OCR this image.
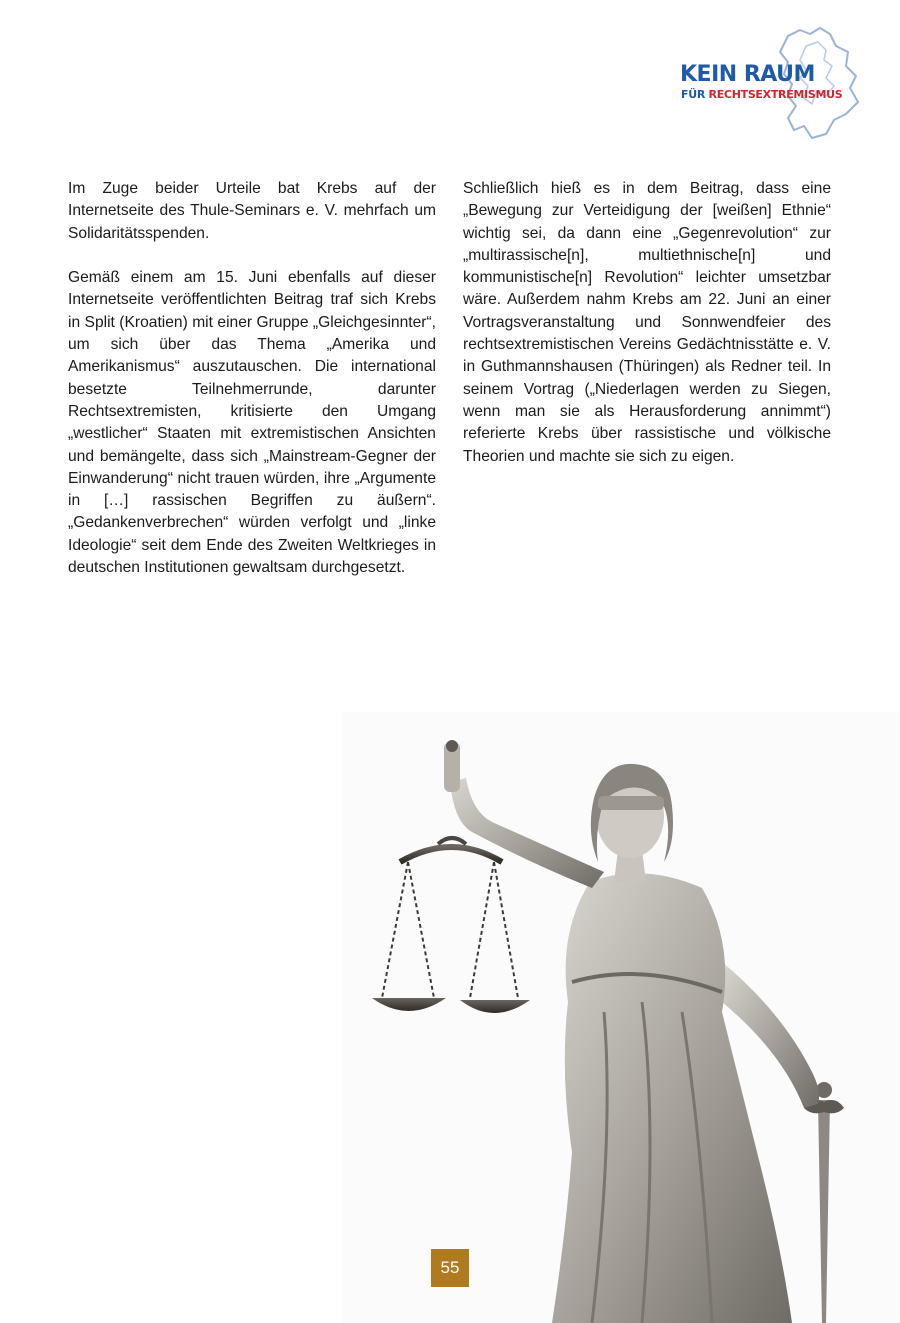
KEIN RAUM

FÜR RECHTSEXTREMISMUS

Im Zuge beider Urteile bat Krebs auf der Internetseite des Thule-Seminars e. V. mehrfach um Solidaritätsspenden.

Gemäß einem am 15. Juni ebenfalls auf dieser Internetseite veröffentlichten Beitrag traf sich Krebs in Split (Kroatien) mit einer Gruppe „Gleichgesinnter“, um sich über das Thema „Amerika und Amerikanismus“ auszutauschen. Die international besetzte Teilnehmerrunde, darunter Rechtsextremisten, kritisierte den Umgang „westlicher“ Staaten mit extremistischen Ansichten und bemängelte, dass sich „Mainstream-Gegner der Einwanderung“ nicht trauen würden, ihre „Argumente in […] rassischen Begriffen zu äußern“. „Gedankenverbrechen“ würden verfolgt und „linke Ideologie“ seit dem Ende des Zweiten Weltkrieges in deutschen Institutionen gewaltsam durchgesetzt.

Schließlich hieß es in dem Beitrag, dass eine „Bewegung zur Verteidigung der [weißen] Ethnie“ wichtig sei, da dann eine „Gegenrevolution“ zur „multirassische[n], multiethnische[n] und kommunistische[n] Revolution“ leichter umsetzbar wäre. Außerdem nahm Krebs am 22. Juni an einer Vortragsveranstaltung und Sonnwendfeier des rechtsextremistischen Vereins Gedächtnisstätte e. V. in Guthmannshausen (Thüringen) als Redner teil. In seinem Vortrag („Niederlagen werden zu Siegen, wenn man sie als Herausforderung annimmt“) referierte Krebs über rassistische und völkische Theorien und machte sie sich zu eigen.

55
